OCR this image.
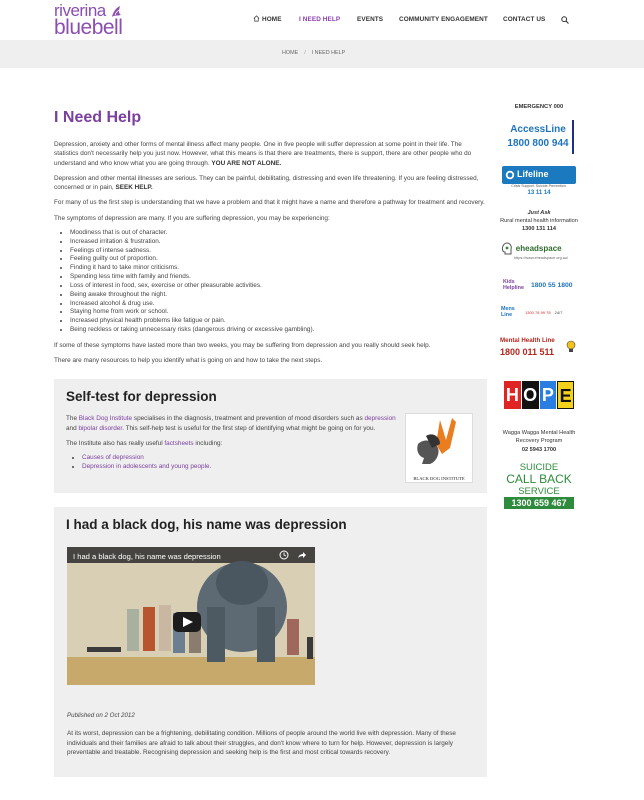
riverina
bluebell	HOME	I NEED HELP	EVENTS COMMUNITY ENGAGEMENT CONTACT US
HOME / I NEED HELP
I Need Help

Depression, anxiety and other forms of mental illness affect many people. One in five people will suffer depression at some point in their life. The statistics don't necessarily help you just now. However, what this means is that there are treatments, there is support, there are other people who do understand and who know what you are going through. YOU ARE NOT ALONE.

Depression and other mental illnesses are serious. They can be painful, debilitating, distressing and even life threatening. If you are feeling distressed, concerned or in pain, SEEK HELP.

For many of us the first step is understanding that we have a problem and that it might have a name and therefore a pathway for treatment and recovery.

The symptoms of depression are many. If you are suffering depression, you may be experiencing:

• Moodiness that is out of character.
• Increased irritation & frustration.
• Feelings of intense sadness.
• Feeling guilty out of proportion.
• Finding it hard to take minor criticisms.
• Spending less time with family and friends.
• Loss of interest in food, sex, exercise or other pleasurable activities.
• Being awake throughout the night.
• Increased alcohol & drug use.
• Staying home from work or school.
• Increased physical health problems like fatigue or pain.
• Being reckless or taking unnecessary risks (dangerous driving or excessive gambling).

If some of these symptoms have lasted more than two weeks, you may be suffering from depression and you really should seek help.

There are many resources to help you identify what is going on and how to take the next steps.

Self-test for depression

The Black Dog Institute specialises in the diagnosis, treatment and prevention of mood disorders such as depression and bipolar disorder. This self-help test is useful for the first step of identifying what might be going on for you.

The Institute also has really useful factsheets including:

• Causes of depression
• Depression in adolescents and young people.
BLACK DOG INSTITUTE
I had a black dog, his name was depression
I had a black dog, his name was depression
Published on 2 Oct 2012

At its worst, depression can be a frightening, debilitating condition. Millions of people around the world live with depression. Many of these individuals and their families are afraid to talk about their struggles, and don't know where to turn for help. However, depression is largely preventable and treatable. Recognising depression and seeking help is the first and most critical towards recovery.

EMERGENCY 000
AccessLine
1800 800 944
Lifeline
Crisis Support. Suicide Prevention.
13 11 14
Just Ask
Rural mental health information
1300 131 114
eheadspace
https://www.eheadspace.org.au/
Kids Helpline 1800 55 1800
Mens Line	1300 78 99 78 24/7
Mental Health Line
1800 011 511
H O P E
Wagga Wagga Mental Health Recovery Program
02 5943 1700
SUICIDE
CALL BACK
SERVICE
1300 659 467
